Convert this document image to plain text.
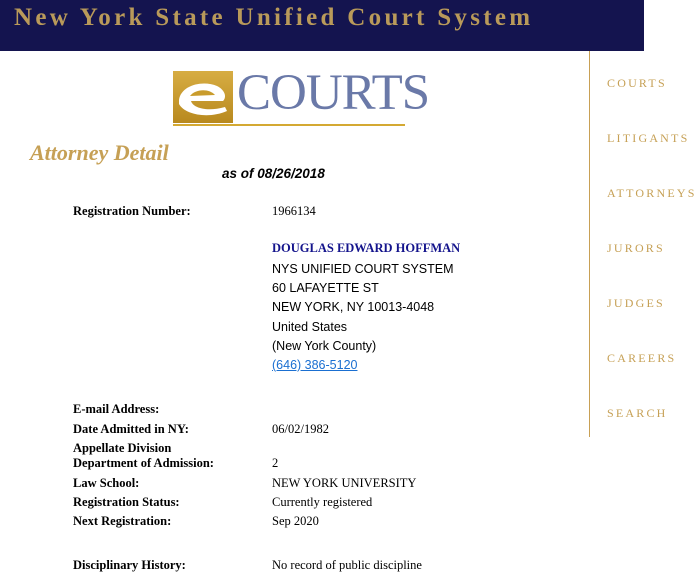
New York State Unified Court System
COURTS	COURTS
LITIGANTS
ATTORNEYS
JURORS
JUDGES
CAREERS
SEARCH
Attorney Detail
as of 08/26/2018
Registration Number:	1966134
DOUGLAS EDWARD HOFFMAN
NYS UNIFIED COURT SYSTEM
60 LAFAYETTE ST
NEW YORK, NY 10013-4048
United States
(New York County)
(646) 386-5120
E-mail Address:
Date Admitted in NY:	06/02/1982
Appellate Division
Department of Admission:	2
Law School:	NEW YORK UNIVERSITY
Registration Status:	Currently registered
Next Registration:	Sep 2020
Disciplinary History:	No record of public discipline
